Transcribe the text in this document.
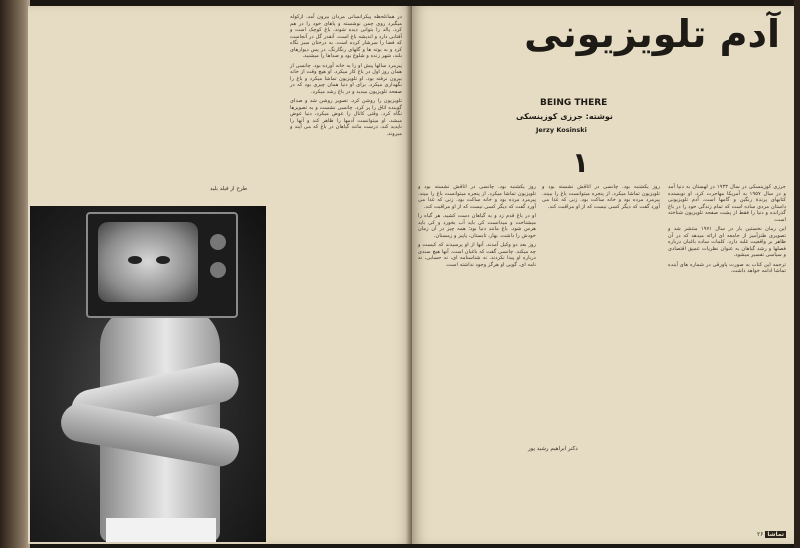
در همانلحظه پیکرانسانی مردان بیرون آمد. ازکوله میگیرد روی چمن نوشسته و پاهای خود را در هم کرد. پالد را بتوانی دیده شوند. باغ کوچک است و آفتابی دارد و اندیشه باغ است. آنقدر گل در آنجاست که فضا را سرشار کرده است. به درختان سبز نگاه کرد و به بوته ها و گلهای رنگارنگ. در پس دیوارهای بلند، شهر زنده و شلوغ بود و صداها را میشنید.

پیرمرد سالها پیش او را به خانه آورده بود. چانسی از همان روز اول در باغ کار میکرد. او هیچ وقت از خانه بیرون نرفته بود. او تلویزیون تماشا میکرد و باغ را نگهداری میکرد. برای او دنیا همان چیزی بود که در صفحه تلویزیون میدید و در باغ رشد میکرد.

تلویزیون را روشن کرد. تصویر روشن شد و صدای گوینده اتاق را پر کرد. چانسی نشست و به تصویرها نگاه کرد. وقتی کانال را عوض میکرد، دنیا عوض میشد. او میتوانست آدمها را ظاهر کند و آنها را ناپدید کند، درست مانند گیاهان در باغ که می آیند و میروند.

طرح از فیلد بلید
آدم تلویزیونی
BEING THERE
نوشته: جرزی کوزینسکی
Jerzy Kosinski
۱

روز یکشنبه بود. چانسی در اتاقش نشسته بود و تلویزیون تماشا میکرد. از پنجره میتوانست باغ را ببیند. پیرمرد مرده بود و خانه ساکت بود. زنی که غذا می آورد گفت که دیگر کسی نیست که از او مراقبت کند.

او در باغ قدم زد و به گیاهان دست کشید. هر گیاه را میشناخت و میدانست کی باید آب بخورد و کی باید هرس شود. باغ مانند دنیا بود؛ همه چیز در آن زمان خودش را داشت. بهار، تابستان، پاییز و زمستان.

روز بعد دو وکیل آمدند. آنها از او پرسیدند که کیست و چه میکند. چانسی گفت که باغبان است. آنها هیچ سندی درباره او پیدا نکردند. نه شناسنامه ای، نه حسابی، نه نامه ای. گویی او هرگز وجود نداشته است.

دکتر ابراهیم رشید پور

روز یکشنبه بود. چانسی در اتاقش نشسته بود و تلویزیون تماشا میکرد. از پنجره میتوانست باغ را ببیند. پیرمرد مرده بود و خانه ساکت بود. زنی که غذا می آورد گفت که دیگر کسی نیست که از او مراقبت کند.

جرزی کوزینسکی در سال ۱۹۳۳ در لهستان به دنیا آمد و در سال ۱۹۵۷ به آمریکا مهاجرت کرد. او نویسنده کتابهای پرندۀ رنگین و گامها است. آدم تلویزیونی داستان مردی ساده است که تمام زندگی خود را در باغ گذرانده و دنیا را فقط از پشت صفحه تلویزیون شناخته است.

این رمان نخستین بار در سال ۱۹۷۱ منتشر شد و تصویری طنزآمیز از جامعه ای ارائه میدهد که در آن ظاهر بر واقعیت غلبه دارد. کلمات ساده باغبان درباره فصلها و رشد گیاهان به عنوان نظریات عمیق اقتصادی و سیاسی تفسیر میشود.

ترجمه این کتاب به صورت پاورقی در شماره های آینده تماشا ادامه خواهد داشت.

تماشا ۲۶
